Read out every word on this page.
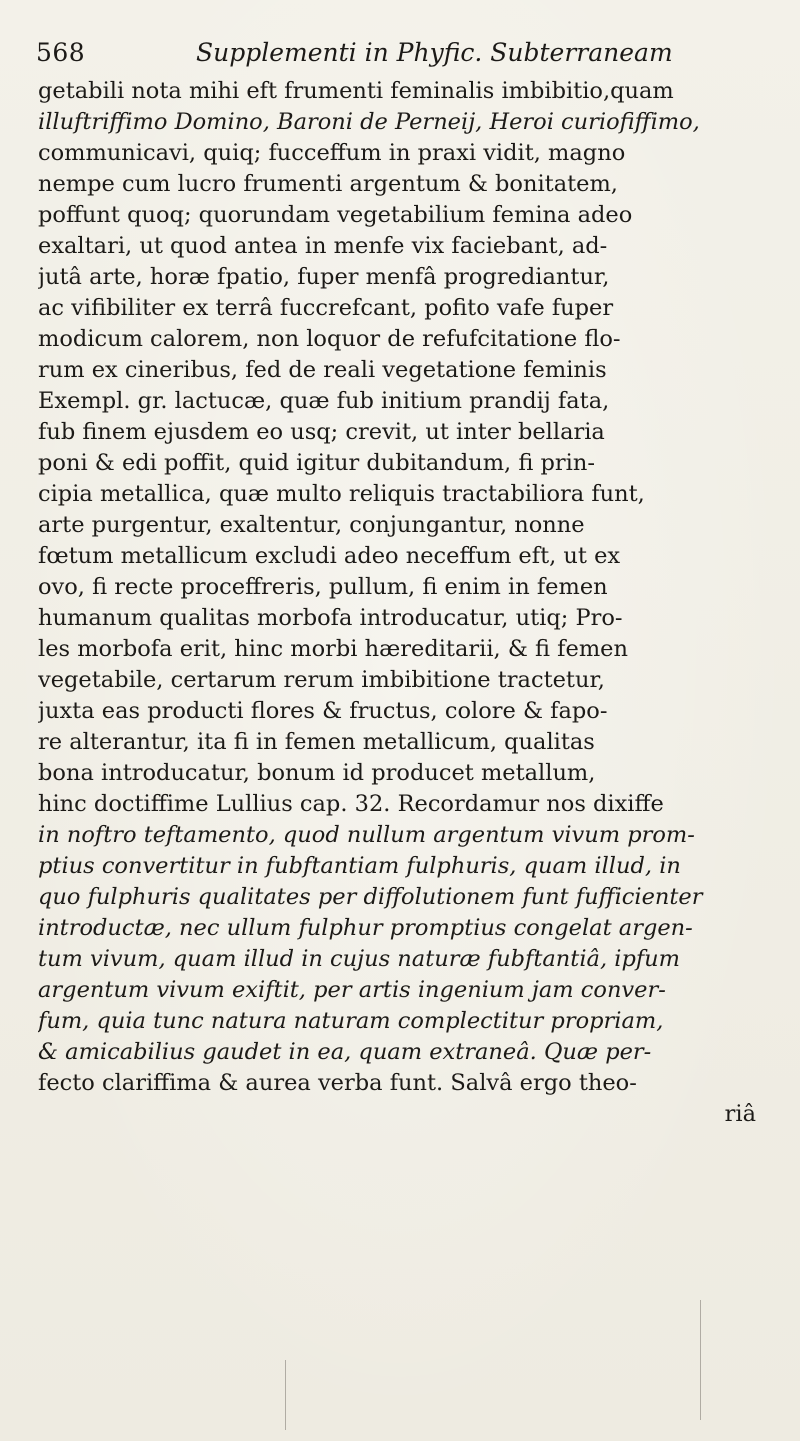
568	Supplementi in Phyfic. Subterraneam
getabili nota mihi eft frumenti feminalis imbibitio,quam
illuftriffimo Domino, Baroni de Perneij, Heroi curiofiffimo,
communicavi, quiq; fucceffum in praxi vidit, magno
nempe cum lucro frumenti argentum & bonitatem,
poffunt quoq; quorundam vegetabilium femina adeo
exaltari, ut quod antea in menfe vix faciebant, ad-
jutâ arte, horæ fpatio, fuper menfâ progrediantur,
ac vifibiliter ex terrâ fuccrefcant, pofito vafe fuper
modicum calorem, non loquor de refufcitatione flo-
rum ex cineribus, fed de reali vegetatione feminis
Exempl. gr. lactucæ, quæ fub initium prandij fata,
fub finem ejusdem eo usq; crevit, ut inter bellaria
poni & edi poffit, quid igitur dubitandum, fi prin-
cipia metallica, quæ multo reliquis tractabiliora funt,
arte purgentur, exaltentur, conjungantur, nonne
fœtum metallicum excludi adeo neceffum eft, ut ex
ovo, fi recte proceffreris, pullum, fi enim in femen
humanum qualitas morbofa introducatur, utiq; Pro-
les morbofa erit, hinc morbi hæreditarii, & fi femen
vegetabile, certarum rerum imbibitione tractetur,
juxta eas producti flores & fructus, colore & fapo-
re alterantur, ita fi in femen metallicum, qualitas
bona introducatur, bonum id producet metallum,
hinc doctiffime Lullius cap. 32. Recordamur nos dixiffe
in noftro teftamento, quod nullum argentum vivum prom-
ptius convertitur in fubftantiam fulphuris, quam illud, in
quo fulphuris qualitates per diffolutionem funt fufficienter
introductæ, nec ullum fulphur promptius congelat argen-
tum vivum, quam illud in cujus naturæ fubftantiâ, ipfum
argentum vivum exiftit, per artis ingenium jam conver-
fum, quia tunc natura naturam complectitur propriam,
& amicabilius gaudet in ea, quam extraneâ. Quæ per-
fecto clariffima & aurea verba funt. Salvâ ergo theo-
riâ
